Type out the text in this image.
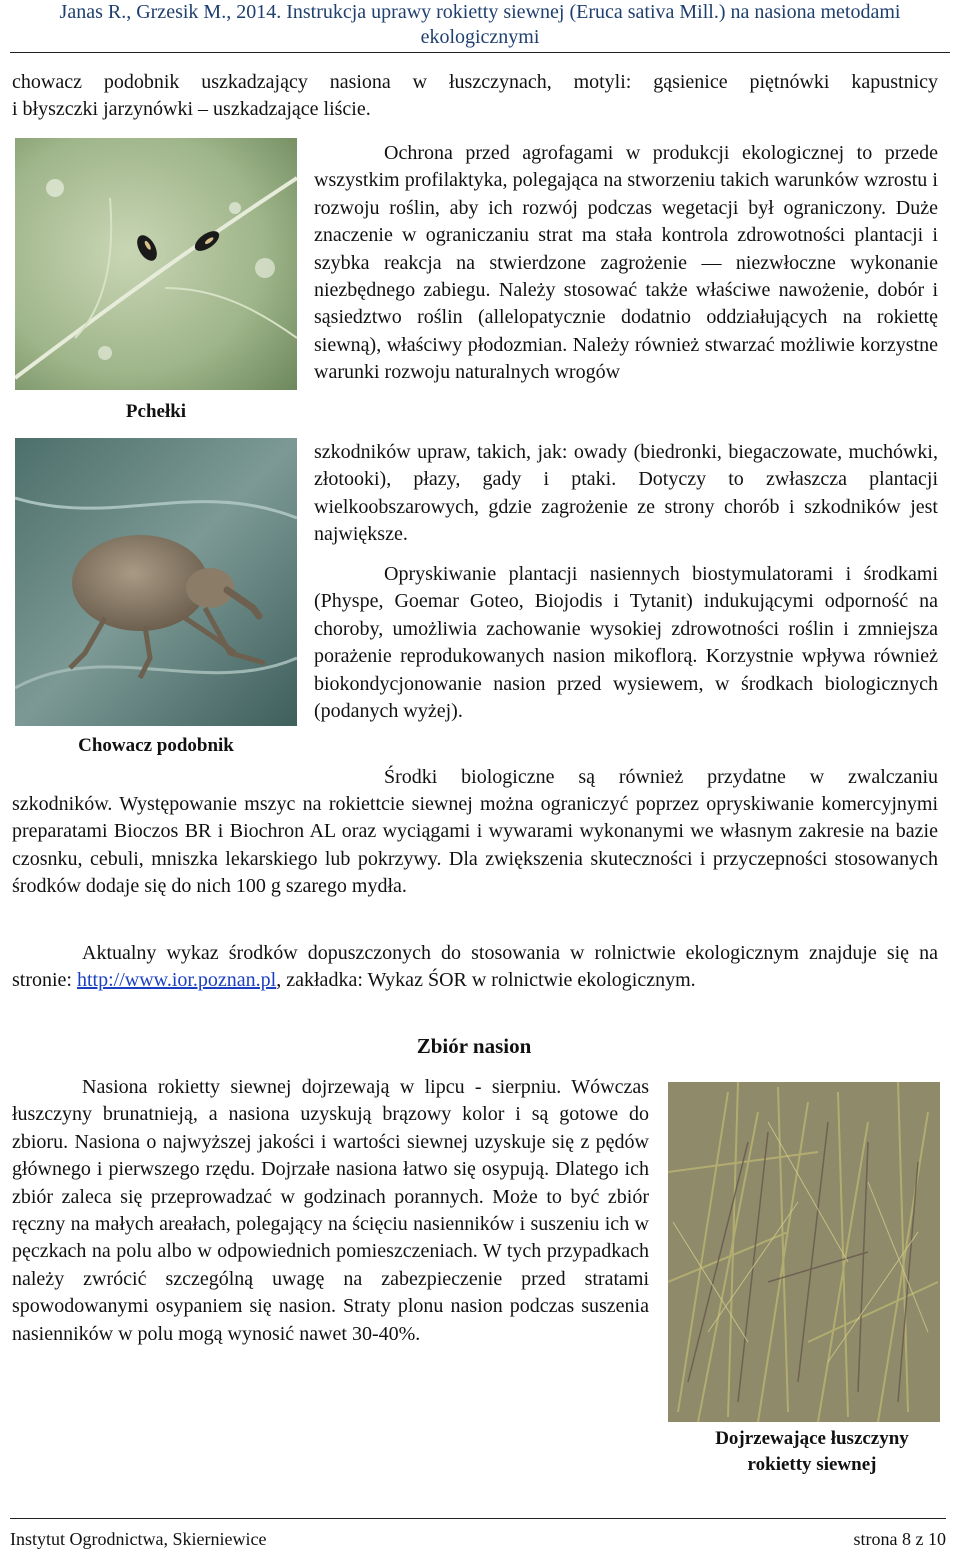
Janas R., Grzesik M., 2014. Instrukcja uprawy rokietty siewnej (Eruca sativa Mill.) na nasiona metodami
ekologicznymi

chowacz podobnik uszkadzający nasiona w łuszczynach, motyli: gąsienice piętnówki kapustnicy

i błyszczki jarzynówki – uszkadzające liście.

Pchełki
Chowacz podobnik

Ochrona przed agrofagami w produkcji ekologicznej to przede wszystkim profilaktyka, polegająca na stworzeniu takich warunków wzrostu i rozwoju roślin, aby ich rozwój podczas wegetacji był ograniczony. Duże znaczenie w ograniczaniu strat ma stała kontrola zdrowotności plantacji i szybka reakcja na stwierdzone zagrożenie — niezwłoczne wykonanie niezbędnego zabiegu. Należy stosować także właściwe nawożenie, dobór i sąsiedztwo roślin (allelopatycznie dodatnio oddziałujących na rokiettę siewną), właściwy płodozmian. Należy również stwarzać możliwie korzystne warunki rozwoju naturalnych wrogów

szkodników upraw, takich, jak: owady (biedronki, biegaczowate, muchówki, złotooki), płazy, gady i ptaki. Dotyczy to zwłaszcza plantacji wielkoobszarowych, gdzie zagrożenie ze strony chorób i szkodników jest największe.

Opryskiwanie plantacji nasiennych biostymulatorami i środkami (Physpe, Goemar Goteo, Biojodis i Tytanit) indukującymi odporność na choroby, umożliwia zachowanie wysokiej zdrowotności roślin i zmniejsza porażenie reprodukowanych nasion mikoflorą. Korzystnie wpływa również biokondycjonowanie nasion przed wysiewem, w środkach biologicznych (podanych wyżej).

Środki biologiczne są również przydatne w zwalczaniu

szkodników. Występowanie mszyc na rokiettcie siewnej można ograniczyć poprzez opryskiwanie komercyjnymi preparatami Bioczos BR i Biochron AL oraz wyciągami i wywarami wykonanymi we własnym zakresie na bazie czosnku, cebuli, mniszka lekarskiego lub pokrzywy. Dla zwiększenia skuteczności i przyczepności stosowanych środków dodaje się do nich 100 g szarego mydła.

Aktualny wykaz środków dopuszczonych do stosowania w rolnictwie ekologicznym znajduje się na stronie: http://www.ior.poznan.pl, zakładka: Wykaz ŚOR w rolnictwie ekologicznym.

Zbiór nasion

Nasiona rokietty siewnej dojrzewają w lipcu - sierpniu. Wówczas łuszczyny brunatnieją, a nasiona uzyskują brązowy kolor i są gotowe do zbioru. Nasiona o najwyższej jakości i wartości siewnej uzyskuje się z pędów głównego i pierwszego rzędu. Dojrzałe nasiona łatwo się osypują. Dlatego ich zbiór zaleca się przeprowadzać w godzinach porannych. Może to być zbiór ręczny na małych areałach, polegający na ścięciu nasienników i suszeniu ich w pęczkach na polu albo w odpowiednich pomieszczeniach. W tych przypadkach należy zwrócić szczególną uwagę na zabezpieczenie przed stratami spowodowanymi osypaniem się nasion. Straty plonu nasion podczas suszenia nasienników w polu mogą wynosić nawet 30-40%.

Dojrzewające łuszczyny
rokietty siewnej
Instytut Ogrodnictwa, Skierniewice	strona 8 z 10
